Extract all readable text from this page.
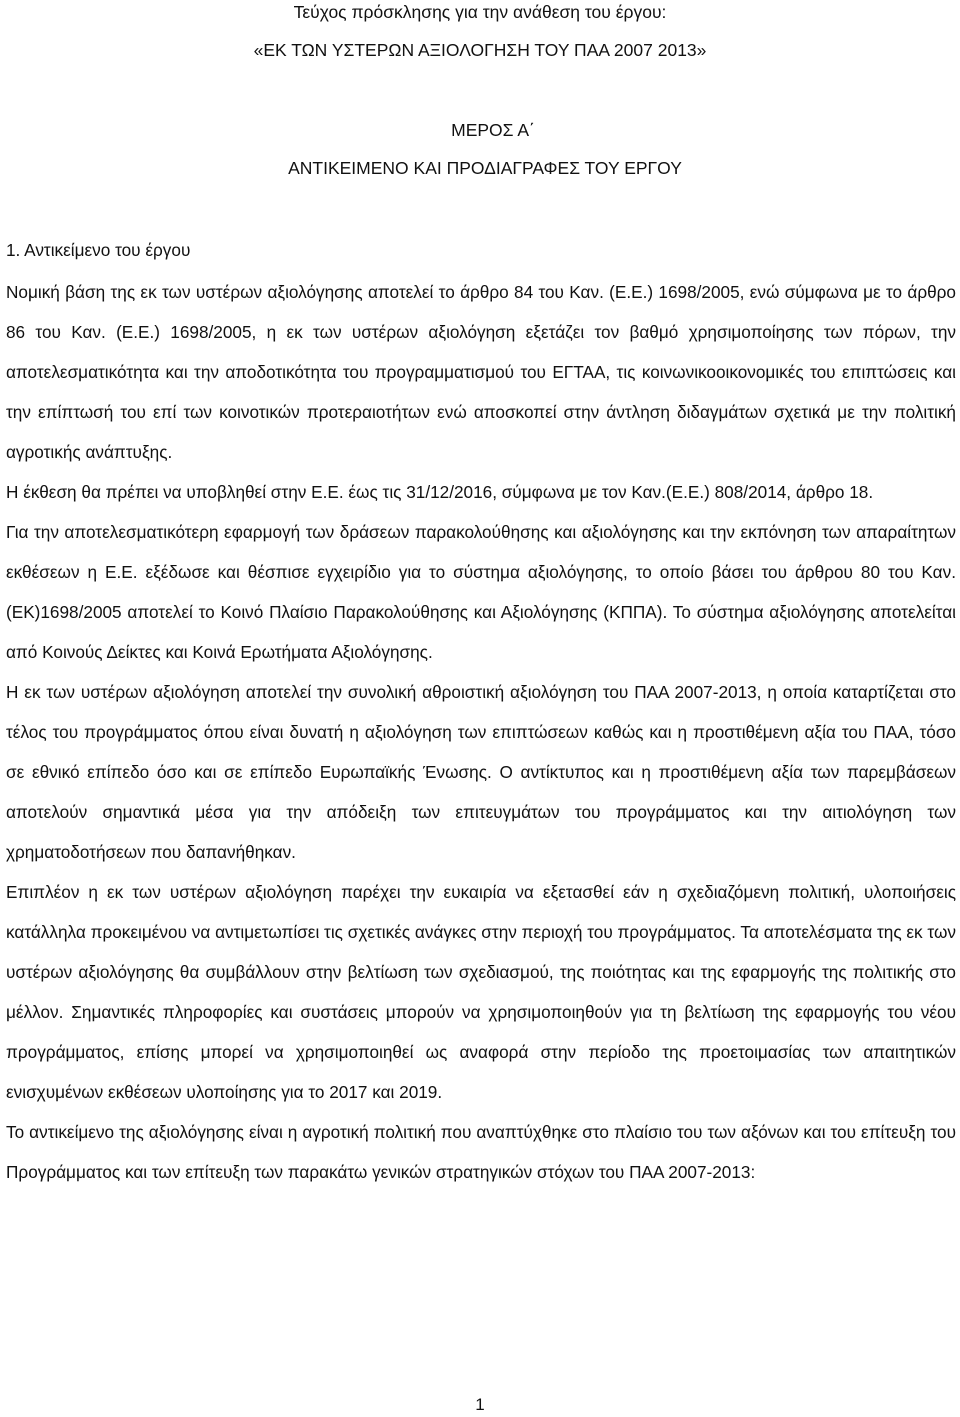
Τεύχος πρόσκλησης για την ανάθεση του έργου:
«ΕΚ ΤΩΝ ΥΣΤΕΡΩΝ ΑΞΙΟΛΟΓΗΣΗ ΤΟΥ ΠΑΑ 2007 2013»
ΜΕΡΟΣ Α΄
ΑΝΤΙΚΕΙΜΕΝΟ ΚΑΙ ΠΡΟΔΙΑΓΡΑΦΕΣ ΤΟΥ ΕΡΓΟΥ

1. Αντικείμενο του έργου

Νομική βάση της εκ των υστέρων αξιολόγησης αποτελεί το άρθρο 84 του Καν. (Ε.Ε.) 1698/2005, ενώ σύμφωνα με το άρθρο 86 του Καν. (Ε.Ε.) 1698/2005, η εκ των υστέρων αξιολόγηση εξετάζει τον βαθμό χρησιμοποίησης των πόρων, την αποτελεσματικότητα και την αποδοτικότητα του προγραμματισμού του ΕΓΤΑΑ, τις κοινωνικοοικονομικές του επιπτώσεις και την επίπτωσή του επί των κοινοτικών προτεραιοτήτων ενώ αποσκοπεί στην άντληση διδαγμάτων σχετικά με την πολιτική αγροτικής ανάπτυξης.

Η έκθεση θα πρέπει να υποβληθεί στην Ε.Ε. έως τις 31/12/2016, σύμφωνα με τον Καν.(Ε.Ε.) 808/2014, άρθρο 18.

Για την αποτελεσματικότερη εφαρμογή των δράσεων παρακολούθησης και αξιολόγησης και την εκπόνηση των απαραίτητων εκθέσεων η Ε.Ε. εξέδωσε και θέσπισε εγχειρίδιο για το σύστημα αξιολόγησης, το οποίο βάσει του άρθρου 80 του Καν. (ΕΚ)1698/2005 αποτελεί το Κοινό Πλαίσιο Παρακολούθησης και Αξιολόγησης (ΚΠΠΑ). Το σύστημα αξιολόγησης αποτελείται από Κοινούς Δείκτες και Κοινά Ερωτήματα Αξιολόγησης.

Η εκ των υστέρων αξιολόγηση αποτελεί την συνολική αθροιστική αξιολόγηση του ΠΑΑ 2007-2013, η οποία καταρτίζεται στο τέλος του προγράμματος όπου είναι δυνατή η αξιολόγηση των επιπτώσεων καθώς και η προστιθέμενη αξία του ΠΑΑ, τόσο σε εθνικό επίπεδο όσο και σε επίπεδο Ευρωπαϊκής Ένωσης. Ο αντίκτυπος και η προστιθέμενη αξία των παρεμβάσεων αποτελούν σημαντικά μέσα για την απόδειξη των επιτευγμάτων του προγράμματος και την αιτιολόγηση των χρηματοδοτήσεων που δαπανήθηκαν.

Επιπλέον η εκ των υστέρων αξιολόγηση παρέχει την ευκαιρία να εξετασθεί εάν η σχεδιαζόμενη πολιτική, υλοποιήσεις κατάλληλα προκειμένου να αντιμετωπίσει τις σχετικές ανάγκες στην περιοχή του προγράμματος. Τα αποτελέσματα της εκ των υστέρων αξιολόγησης θα συμβάλλουν στην βελτίωση των σχεδιασμού, της ποιότητας και της εφαρμογής της πολιτικής στο μέλλον. Σημαντικές πληροφορίες και συστάσεις μπορούν να χρησιμοποιηθούν για τη βελτίωση της εφαρμογής του νέου προγράμματος, επίσης μπορεί να χρησιμοποιηθεί ως αναφορά στην περίοδο της προετοιμασίας των απαιτητικών ενισχυμένων εκθέσεων υλοποίησης για το 2017 και 2019.

Το αντικείμενο της αξιολόγησης είναι η αγροτική πολιτική που αναπτύχθηκε στο πλαίσιο του των αξόνων και του επίτευξη του Προγράμματος και των επίτευξη των παρακάτω γενικών στρατηγικών στόχων του ΠΑΑ 2007-2013:

1
